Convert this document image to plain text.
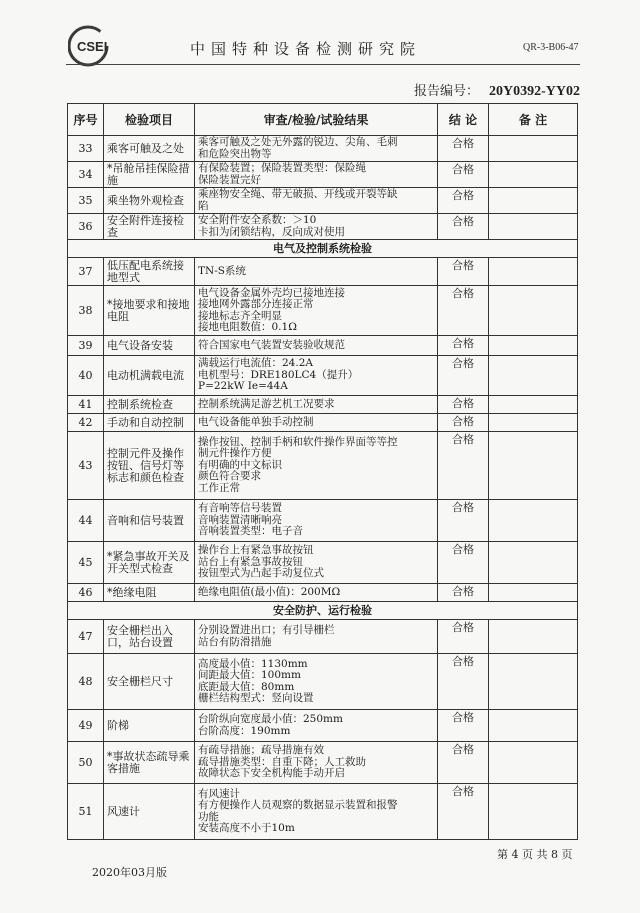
CSEI	中国特种设备检测研究院	QR-3-B06-47
报告编号： 20Y0392-YY02
序号	检验项目	审查/检验/试验结果	结 论	备 注
33	乘客可触及之处	乘客可触及之处无外露的锐边、尖角、毛刺
和危险突出物等	合格	
34	*吊舱吊挂保险措施	有保险装置；保险装置类型：保险绳
保险装置完好	合格	
35	乘坐物外观检查	乘座物安全绳、带无破损、开线或开裂等缺
陷	合格	
36	安全附件连接检查	安全附件安全系数：＞10
卡扣为闭锁结构，反向成对使用	合格	
电气及控制系统检验				
37	低压配电系统接地型式	TN-S系统	合格	
38	*接地要求和接地电阻	电气设备金属外壳均已接地连接
接地网外露部分连接正常
接地标志齐全明显
接地电阻数值：0.1Ω	合格	
39	电气设备安装	符合国家电气装置安装验收规范	合格	
40	电动机满载电流	满载运行电流值：24.2A
电机型号：DRE180LC4（提升）
P=22kW Ie=44A	合格	
41	控制系统检查	控制系统满足游艺机工况要求	合格	
42	手动和自动控制	电气设备能单独手动控制	合格	
43	控制元件及操作按钮、信号灯等标志和颜色检查	操作按钮、控制手柄和软件操作界面等等控
制元件操作方便
有明确的中文标识
颜色符合要求
工作正常	合格	
44	音响和信号装置	有音响等信号装置
音响装置清晰响亮
音响装置类型：电子音	合格	
45	*紧急事故开关及开关型式检查	操作台上有紧急事故按钮
站台上有紧急事故按钮
按钮型式为凸起手动复位式	合格	
46	*绝缘电阻	绝缘电阻值(最小值)：200MΩ	合格	
安全防护、运行检验				
47	安全栅栏出入口，站台设置	分别设置进出口；有引导栅栏
站台有防滑措施	合格	
48	安全栅栏尺寸	高度最小值：1130mm
间距最大值：100mm
底距最大值：80mm
栅栏结构型式：竖向设置	合格	
49	阶梯	台阶纵向宽度最小值：250mm
台阶高度：190mm	合格	
50	*事故状态疏导乘客措施	有疏导措施；疏导措施有效
疏导措施类型：自重下降；人工救助
故障状态下安全机构能手动开启	合格	
51	风速计	有风速计
有方便操作人员观察的数据显示装置和报警
功能
安装高度不小于10m	合格	
第 4 页 共 8 页
2020年03月版
